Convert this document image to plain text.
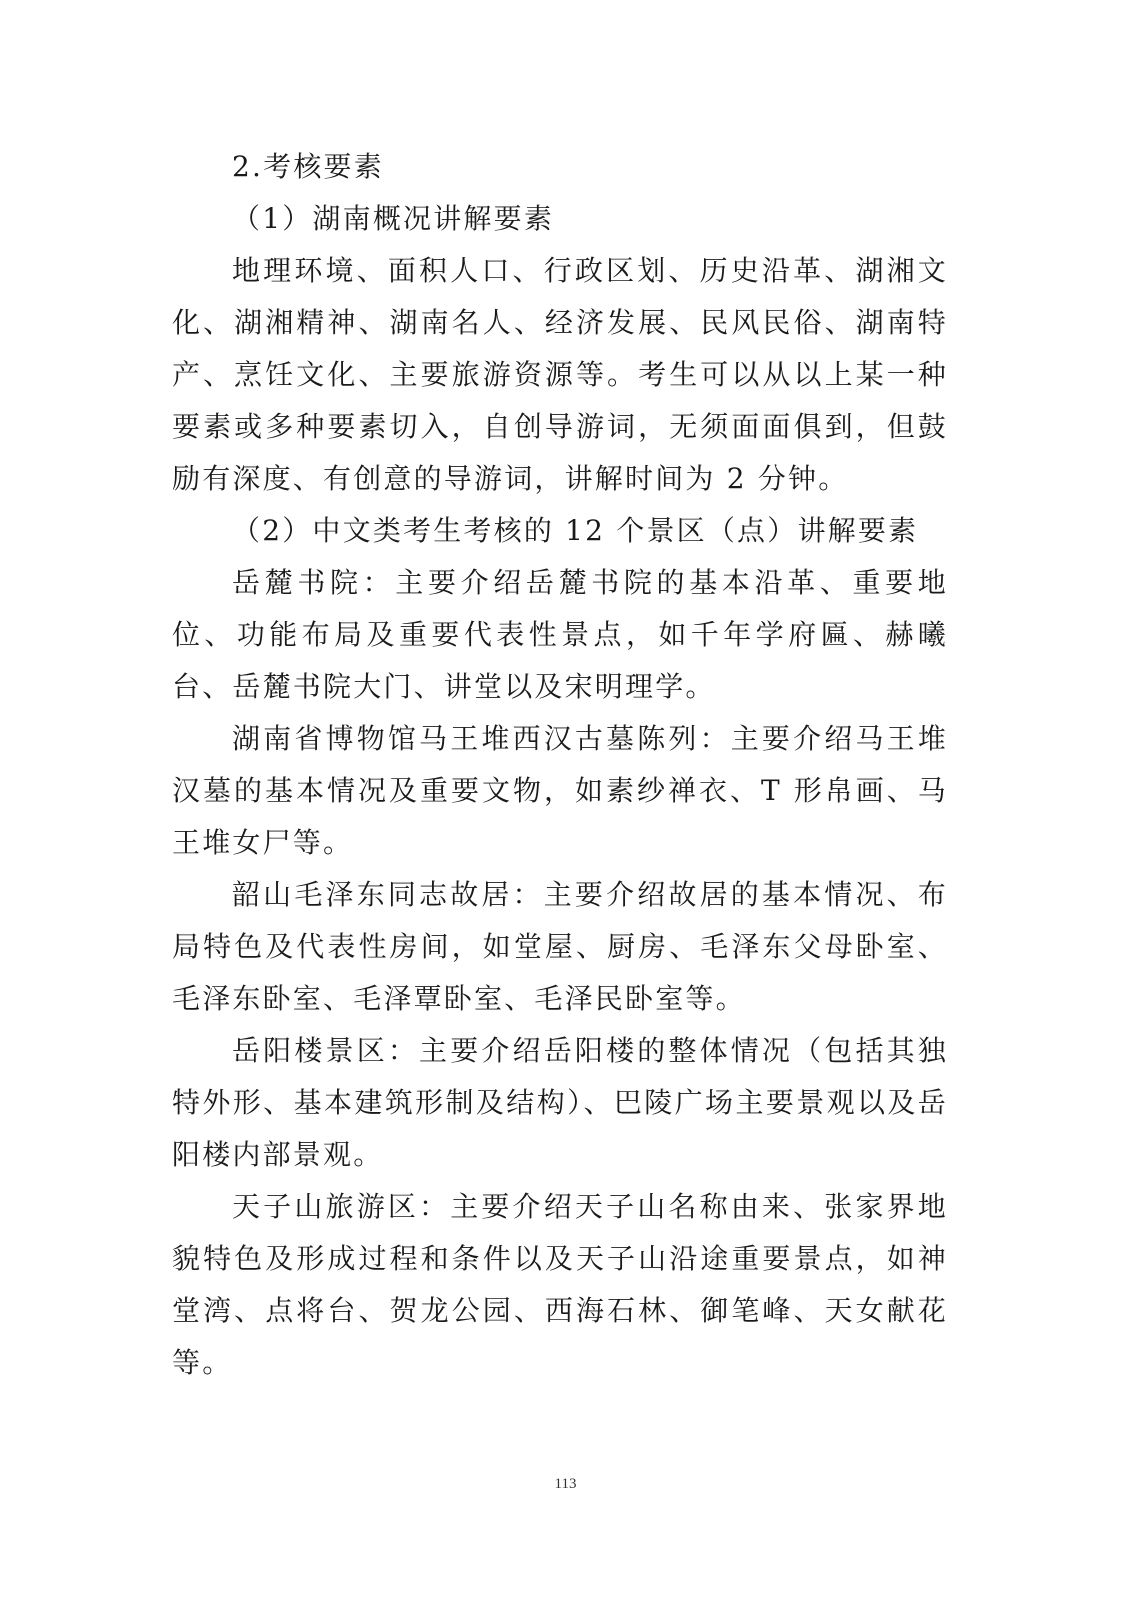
2.考核要素

（1）湖南概况讲解要素

地理环境、面积人口、行政区划、历史沿革、湖湘文化、湖湘精神、湖南名人、经济发展、民风民俗、湖南特产、烹饪文化、主要旅游资源等。考生可以从以上某一种要素或多种要素切入，自创导游词，无须面面俱到，但鼓励有深度、有创意的导游词，讲解时间为 2 分钟。

（2）中文类考生考核的 12 个景区（点）讲解要素

岳麓书院：主要介绍岳麓书院的基本沿革、重要地位、功能布局及重要代表性景点，如千年学府匾、赫曦台、岳麓书院大门、讲堂以及宋明理学。

湖南省博物馆马王堆西汉古墓陈列：主要介绍马王堆汉墓的基本情况及重要文物，如素纱禅衣、T 形帛画、马王堆女尸等。

韶山毛泽东同志故居：主要介绍故居的基本情况、布局特色及代表性房间，如堂屋、厨房、毛泽东父母卧室、毛泽东卧室、毛泽覃卧室、毛泽民卧室等。

岳阳楼景区：主要介绍岳阳楼的整体情况（包括其独特外形、基本建筑形制及结构）、巴陵广场主要景观以及岳阳楼内部景观。

天子山旅游区：主要介绍天子山名称由来、张家界地貌特色及形成过程和条件以及天子山沿途重要景点，如神堂湾、点将台、贺龙公园、西海石林、御笔峰、天女献花等。

113
